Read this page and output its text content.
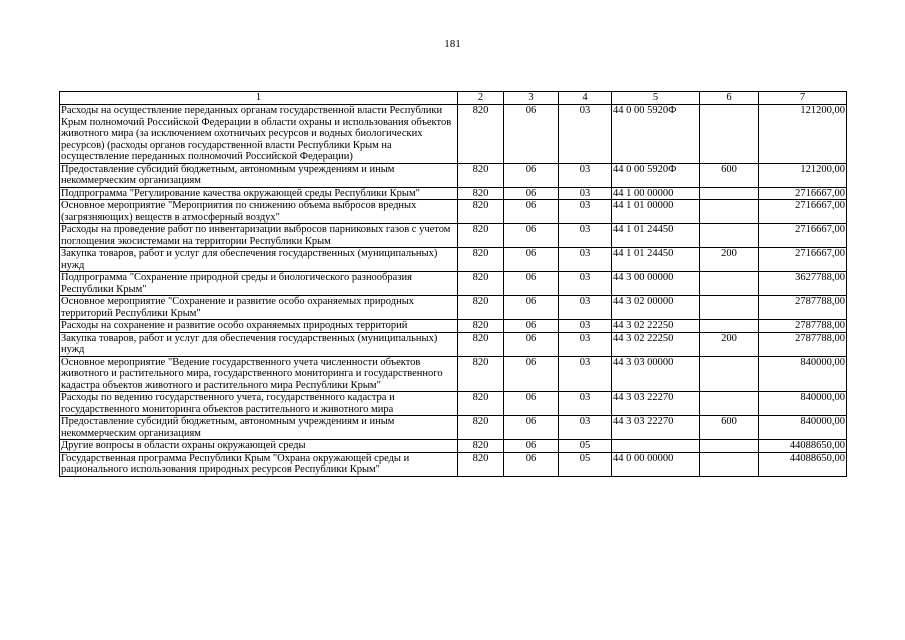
181
1	2	3	4	5	6	7
Расходы на осуществление переданных органам государственной власти Республики Крым полномочий Российской Федерации в области охраны и использования объектов животного мира (за исключением охотничьих ресурсов и водных биологических ресурсов) (расходы органов государственной власти Республики Крым на осуществление переданных полномочий Российской Федерации)	820	06	03	44 0 00 5920Ф		121200,00
Предоставление субсидий бюджетным, автономным учреждениям и иным некоммерческим организациям	820	06	03	44 0 00 5920Ф	600	121200,00
Подпрограмма "Регулирование качества окружающей среды Республики Крым"	820	06	03	44 1 00 00000		2716667,00
Основное мероприятие "Мероприятия по снижению объема выбросов вредных (загрязняющих) веществ в атмосферный воздух"	820	06	03	44 1 01 00000		2716667,00
Расходы на проведение работ по инвентаризации выбросов парниковых газов с учетом поглощения экосистемами на территории Республики Крым	820	06	03	44 1 01 24450		2716667,00
Закупка товаров, работ и услуг для обеспечения государственных (муниципальных) нужд	820	06	03	44 1 01 24450	200	2716667,00
Подпрограмма "Сохранение природной среды и биологического разнообразия Республики Крым"	820	06	03	44 3 00 00000		3627788,00
Основное мероприятие "Сохранение и развитие особо охраняемых природных территорий Республики Крым"	820	06	03	44 3 02 00000		2787788,00
Расходы на сохранение и развитие особо охраняемых природных территорий	820	06	03	44 3 02 22250		2787788,00
Закупка товаров, работ и услуг для обеспечения государственных (муниципальных) нужд	820	06	03	44 3 02 22250	200	2787788,00
Основное мероприятие "Ведение государственного учета численности объектов животного и растительного мира, государственного мониторинга и государственного кадастра объектов животного и растительного мира Республики Крым"	820	06	03	44 3 03 00000		840000,00
Расходы по ведению государственного учета, государственного кадастра и государственного мониторинга объектов растительного и животного мира	820	06	03	44 3 03 22270		840000,00
Предоставление субсидий бюджетным, автономным учреждениям и иным некоммерческим организациям	820	06	03	44 3 03 22270	600	840000,00
Другие вопросы в области охраны окружающей среды	820	06	05			44088650,00
Государственная программа Республики Крым "Охрана окружающей среды и рационального использования природных ресурсов Республики Крым"	820	06	05	44 0 00 00000		44088650,00
